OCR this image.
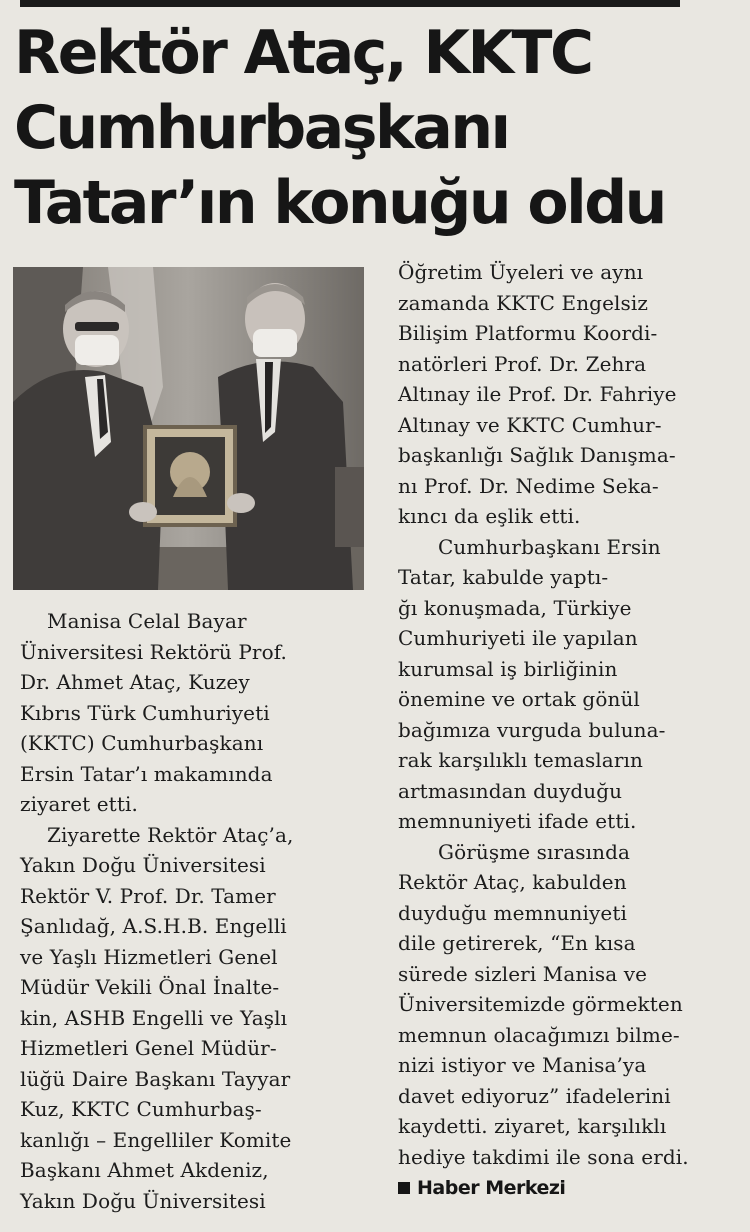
Rektör Ataç, KKTC
Cumhurbaşkanı
Tatar’ın konuğu oldu
Manisa Celal Bayar
Üniversitesi Rektörü Prof.
Dr. Ahmet Ataç, Kuzey
Kıbrıs Türk Cumhuriyeti
(KKTC) Cumhurbaşkanı
Ersin Tatar’ı makamında
ziyaret etti.
Ziyarette Rektör Ataç’a,
Yakın Doğu Üniversitesi
Rektör V. Prof. Dr. Tamer
Şanlıdağ, A.S.H.B. Engelli
ve Yaşlı Hizmetleri Genel
Müdür Vekili Önal İnalte-
kin, ASHB Engelli ve Yaşlı
Hizmetleri Genel Müdür-
lüğü Daire Başkanı Tayyar
Kuz, KKTC Cumhurbaş-
kanlığı – Engelliler Komite
Başkanı Ahmet Akdeniz,
Yakın Doğu Üniversitesi
Öğretim Üyeleri ve aynı
zamanda KKTC Engelsiz
Bilişim Platformu Koordi-
natörleri Prof. Dr. Zehra
Altınay ile Prof. Dr. Fahriye
Altınay ve KKTC Cumhur-
başkanlığı Sağlık Danışma-
nı Prof. Dr. Nedime Seka-
kıncı da eşlik etti.
Cumhurbaşkanı Ersin
Tatar, kabulde yaptı-
ğı konuşmada, Türkiye
Cumhuriyeti ile yapılan
kurumsal iş birliğinin
önemine ve ortak gönül
bağımıza vurguda buluna-
rak karşılıklı temasların
artmasından duyduğu
memnuniyeti ifade etti.
Görüşme sırasında
Rektör Ataç, kabulden
duyduğu memnuniyeti
dile getirerek, “En kısa
sürede sizleri Manisa ve
Üniversitemizde görmekten
memnun olacağımızı bilme-
nizi istiyor ve Manisa’ya
davet ediyoruz” ifadelerini
kaydetti. ziyaret, karşılıklı
hediye takdimi ile sona erdi.
Haber Merkezi
